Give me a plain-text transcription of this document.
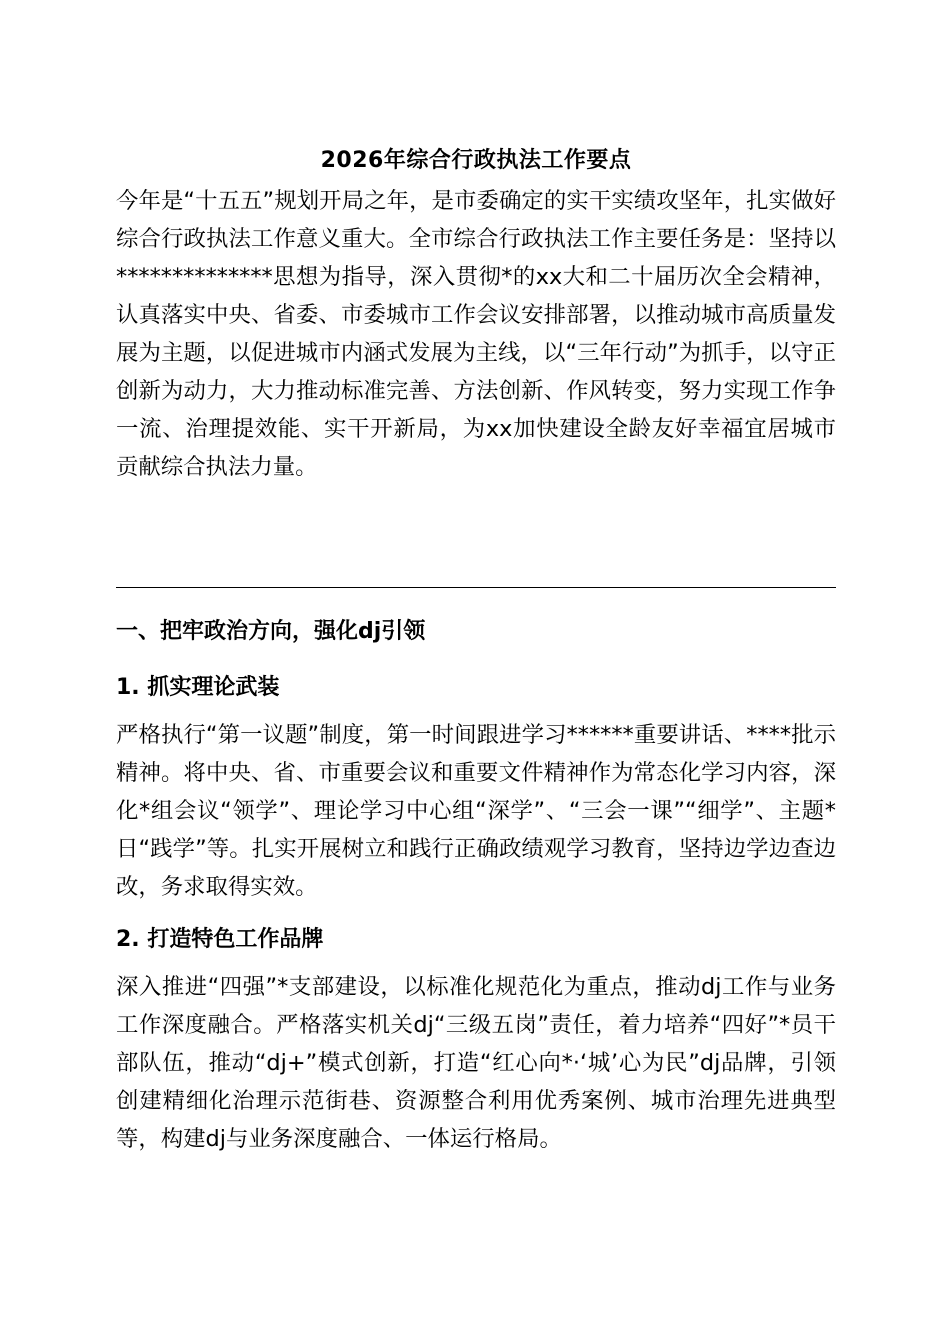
2026年综合行政执法工作要点

今年是“十五五”规划开局之年，是市委确定的实干实绩攻坚年，扎实做好综合行政执法工作意义重大。全市综合行政执法工作主要任务是：坚持以**************思想为指导，深入贯彻*的xx大和二十届历次全会精神，认真落实中央、省委、市委城市工作会议安排部署，以推动城市高质量发展为主题，以促进城市内涵式发展为主线，以“三年行动”为抓手，以守正创新为动力，大力推动标准完善、方法创新、作风转变，努力实现工作争一流、治理提效能、实干开新局，为xx加快建设全龄友好幸福宜居城市贡献综合执法力量。

一、把牢政治方向，强化dj引领
1. 抓实理论武装

严格执行“第一议题”制度，第一时间跟进学习******重要讲话、****批示精神。将中央、省、市重要会议和重要文件精神作为常态化学习内容，深化*组会议“领学”、理论学习中心组“深学”、“三会一课”“细学”、主题*日“践学”等。扎实开展树立和践行正确政绩观学习教育，坚持边学边查边改，务求取得实效。

2. 打造特色工作品牌

深入推进“四强”*支部建设，以标准化规范化为重点，推动dj工作与业务工作深度融合。严格落实机关dj“三级五岗”责任，着力培养“四好”*员干部队伍，推动“dj+”模式创新，打造“红心向*·‘城’心为民”dj品牌，引领创建精细化治理示范街巷、资源整合利用优秀案例、城市治理先进典型等，构建dj与业务深度融合、一体运行格局。
